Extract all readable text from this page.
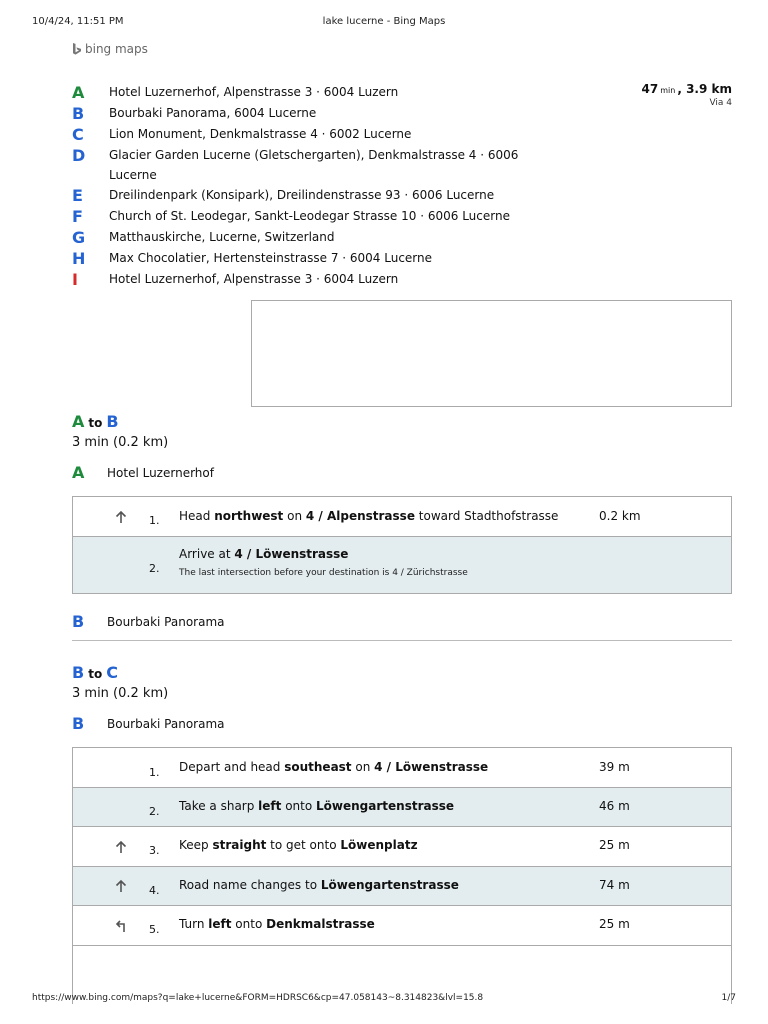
10/4/24, 11:51 PM	lake lucerne - Bing Maps
bing maps
47 min , 3.9 km
Via 4
A	Hotel Luzernerhof, Alpenstrasse 3 · 6004 Luzern
B	Bourbaki Panorama, 6004 Lucerne
C	Lion Monument, Denkmalstrasse 4 · 6002 Lucerne
D	Glacier Garden Lucerne (Gletschergarten), Denkmalstrasse 4 · 6006 Lucerne
E	Dreilindenpark (Konsipark), Dreilindenstrasse 93 · 6006 Lucerne
F	Church of St. Leodegar, Sankt-Leodegar Strasse 10 · 6006 Lucerne
G	Matthauskirche, Lucerne, Switzerland
H	Max Chocolatier, Hertensteinstrasse 7 · 6004 Lucerne
I	Hotel Luzernerhof, Alpenstrasse 3 · 6004 Luzern
A to B
3 min (0.2 km)
A	Hotel Luzernerhof
1. Head northwest on 4 / Alpenstrasse toward Stadthofstrasse	0.2 km
2.
Arrive at 4 / Löwenstrasse
The last intersection before your destination is 4 / Zürichstrasse
B	Bourbaki Panorama
B to C
3 min (0.2 km)
B	Bourbaki Panorama
1. Depart and head southeast on 4 / Löwenstrasse	39 m
2. Take a sharp left onto Löwengartenstrasse	46 m
3. Keep straight to get onto Löwenplatz	25 m
4. Road name changes to Löwengartenstrasse	74 m
5. Turn left onto Denkmalstrasse	25 m
https://www.bing.com/maps?q=lake+lucerne&FORM=HDRSC6&cp=47.058143~8.314823&lvl=15.8	1/7
